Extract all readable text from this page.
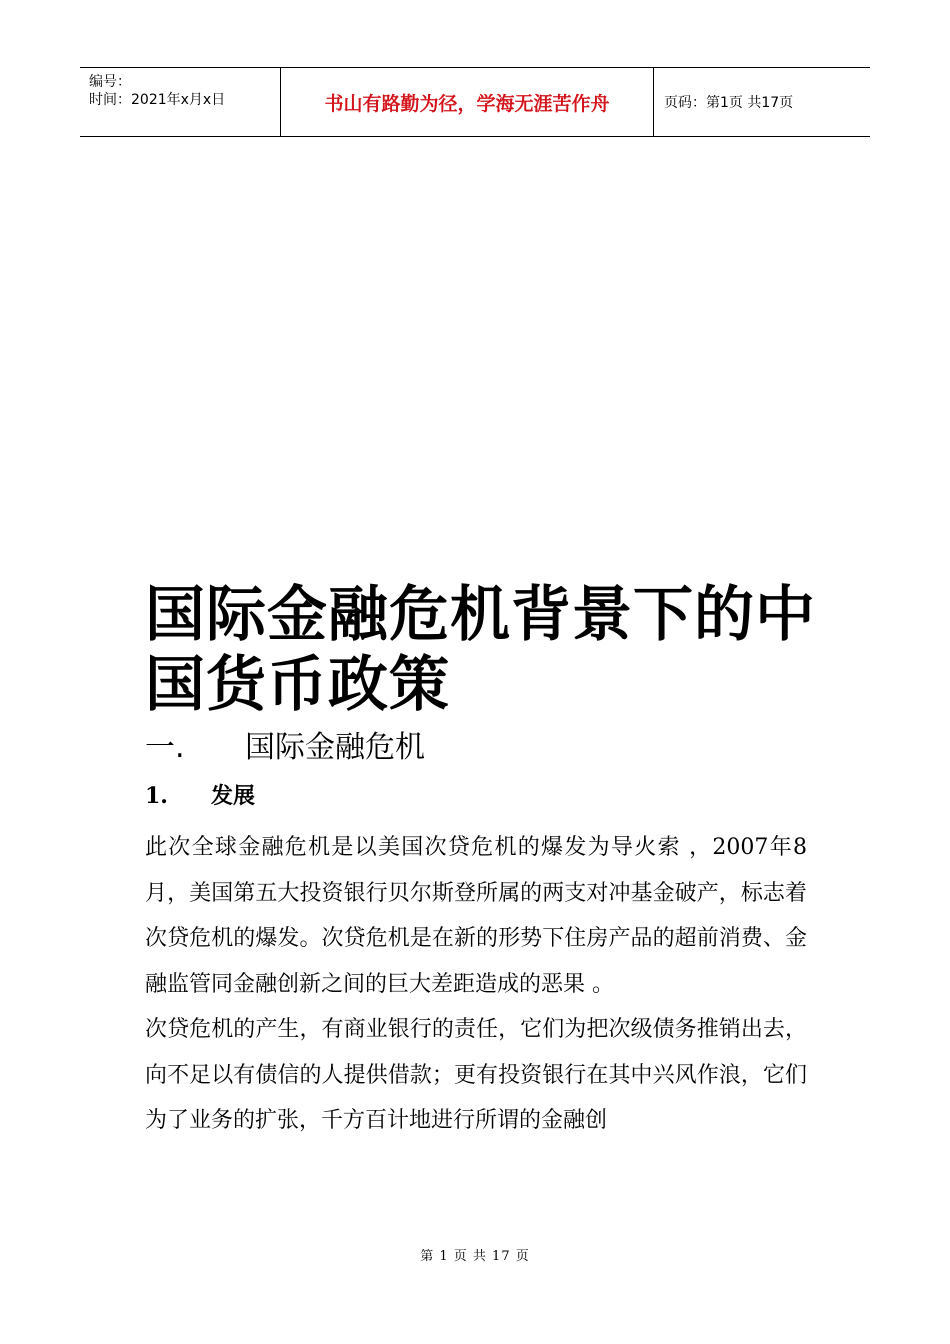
编号：
时间：2021年x月x日	书山有路勤为径，学海无涯苦作舟	页码：第1页 共17页
国际金融危机背景下的中国货币政策
一.	国际金融危机
1.	发展

此次全球金融危机是以美国次贷危机的爆发为导火索 ，2007年8月，美国第五大投资银行贝尔斯登所属的两支对冲基金破产，标志着次贷危机的爆发。次贷危机是在新的形势下住房产品的超前消费、金融监管同金融创新之间的巨大差距造成的恶果 。

次贷危机的产生，有商业银行的责任，它们为把次级债务推销出去，向不足以有债信的人提供借款；更有投资银行在其中兴风作浪，它们为了业务的扩张，千方百计地进行所谓的金融创

第 1 页 共 17 页
